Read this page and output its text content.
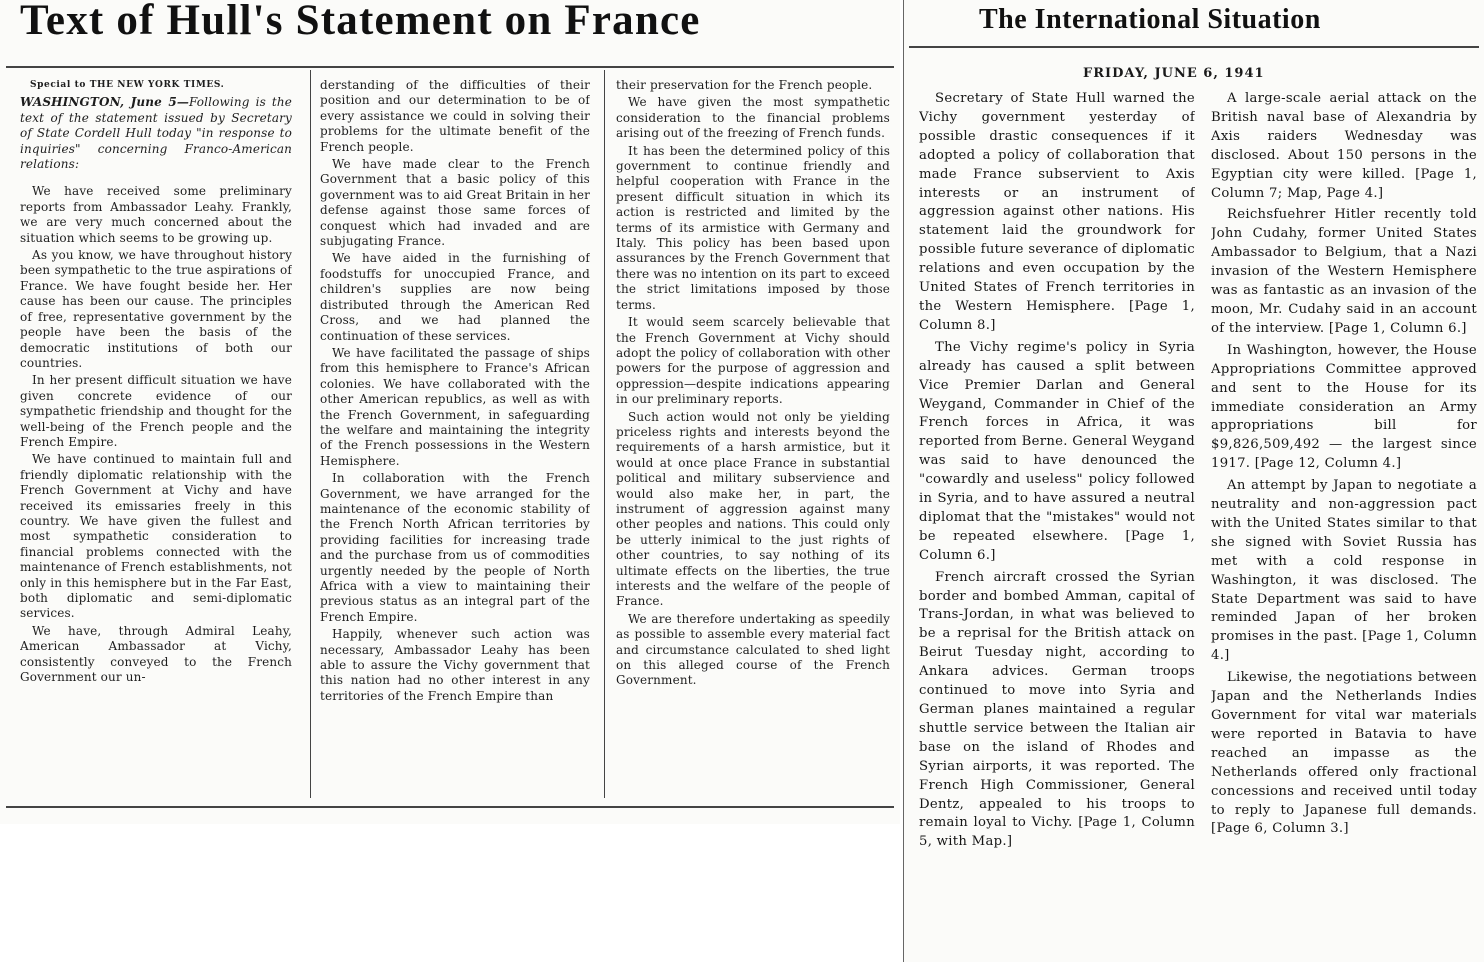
Text of Hull's Statement on France

Special to THE NEW YORK TIMES.

WASHINGTON, June 5—Following is the text of the statement issued by Secretary of State Cordell Hull today "in response to inquiries" concerning Franco-American relations:

We have received some preliminary reports from Ambassador Leahy. Frankly, we are very much concerned about the situation which seems to be growing up.

As you know, we have throughout history been sympathetic to the true aspirations of France. We have fought beside her. Her cause has been our cause. The principles of free, representative government by the people have been the basis of the democratic institutions of both our countries.

In her present difficult situation we have given concrete evidence of our sympathetic friendship and thought for the well-being of the French people and the French Empire.

We have continued to maintain full and friendly diplomatic relationship with the French Government at Vichy and have received its emissaries freely in this country. We have given the fullest and most sympathetic consideration to financial problems connected with the maintenance of French establishments, not only in this hemisphere but in the Far East, both diplomatic and semi-diplomatic services.

We have, through Admiral Leahy, American Ambassador at Vichy, consistently conveyed to the French Government our un-

derstanding of the difficulties of their position and our determination to be of every assistance we could in solving their problems for the ultimate benefit of the French people.

We have made clear to the French Government that a basic policy of this government was to aid Great Britain in her defense against those same forces of conquest which had invaded and are subjugating France.

We have aided in the furnishing of foodstuffs for unoccupied France, and children's supplies are now being distributed through the American Red Cross, and we had planned the continuation of these services.

We have facilitated the passage of ships from this hemisphere to France's African colonies. We have collaborated with the other American republics, as well as with the French Government, in safeguarding the welfare and maintaining the integrity of the French possessions in the Western Hemisphere.

In collaboration with the French Government, we have arranged for the maintenance of the economic stability of the French North African territories by providing facilities for increasing trade and the purchase from us of commodities urgently needed by the people of North Africa with a view to maintaining their previous status as an integral part of the French Empire.

Happily, whenever such action was necessary, Ambassador Leahy has been able to assure the Vichy government that this nation had no other interest in any territories of the French Empire than

their preservation for the French people.

We have given the most sympathetic consideration to the financial problems arising out of the freezing of French funds.

It has been the determined policy of this government to continue friendly and helpful cooperation with France in the present difficult situation in which its action is restricted and limited by the terms of its armistice with Germany and Italy. This policy has been based upon assurances by the French Government that there was no intention on its part to exceed the strict limitations imposed by those terms.

It would seem scarcely believable that the French Government at Vichy should adopt the policy of collaboration with other powers for the purpose of aggression and oppression—despite indications appearing in our preliminary reports.

Such action would not only be yielding priceless rights and interests beyond the requirements of a harsh armistice, but it would at once place France in substantial political and military subservience and would also make her, in part, the instrument of aggression against many other peoples and nations. This could only be utterly inimical to the just rights of other countries, to say nothing of its ultimate effects on the liberties, the true interests and the welfare of the people of France.

We are therefore undertaking as speedily as possible to assemble every material fact and circumstance calculated to shed light on this alleged course of the French Government.

The International Situation
FRIDAY, JUNE 6, 1941

Secretary of State Hull warned the Vichy government yesterday of possible drastic consequences if it adopted a policy of collaboration that made France subservient to Axis interests or an instrument of aggression against other nations. His statement laid the groundwork for possible future severance of diplomatic relations and even occupation by the United States of French territories in the Western Hemisphere. [Page 1, Column 8.]

The Vichy regime's policy in Syria already has caused a split between Vice Premier Darlan and General Weygand, Commander in Chief of the French forces in Africa, it was reported from Berne. General Weygand was said to have denounced the "cowardly and useless" policy followed in Syria, and to have assured a neutral diplomat that the "mistakes" would not be repeated elsewhere. [Page 1, Column 6.]

French aircraft crossed the Syrian border and bombed Amman, capital of Trans-Jordan, in what was believed to be a reprisal for the British attack on Beirut Tuesday night, according to Ankara advices. German troops continued to move into Syria and German planes maintained a regular shuttle service between the Italian air base on the island of Rhodes and Syrian airports, it was reported. The French High Commissioner, General Dentz, appealed to his troops to remain loyal to Vichy. [Page 1, Column 5, with Map.]

A large-scale aerial attack on the British naval base of Alexandria by Axis raiders Wednesday was disclosed. About 150 persons in the Egyptian city were killed. [Page 1, Column 7; Map, Page 4.]

Reichsfuehrer Hitler recently told John Cudahy, former United States Ambassador to Belgium, that a Nazi invasion of the Western Hemisphere was as fantastic as an invasion of the moon, Mr. Cudahy said in an account of the interview. [Page 1, Column 6.]

In Washington, however, the House Appropriations Committee approved and sent to the House for its immediate consideration an Army appropriations bill for $9,826,509,492 — the largest since 1917. [Page 12, Column 4.]

An attempt by Japan to negotiate a neutrality and non-aggression pact with the United States similar to that she signed with Soviet Russia has met with a cold response in Washington, it was disclosed. The State Department was said to have reminded Japan of her broken promises in the past. [Page 1, Column 4.]

Likewise, the negotiations between Japan and the Netherlands Indies Government for vital war materials were reported in Batavia to have reached an impasse as the Netherlands offered only fractional concessions and received until today to reply to Japanese full demands. [Page 6, Column 3.]
